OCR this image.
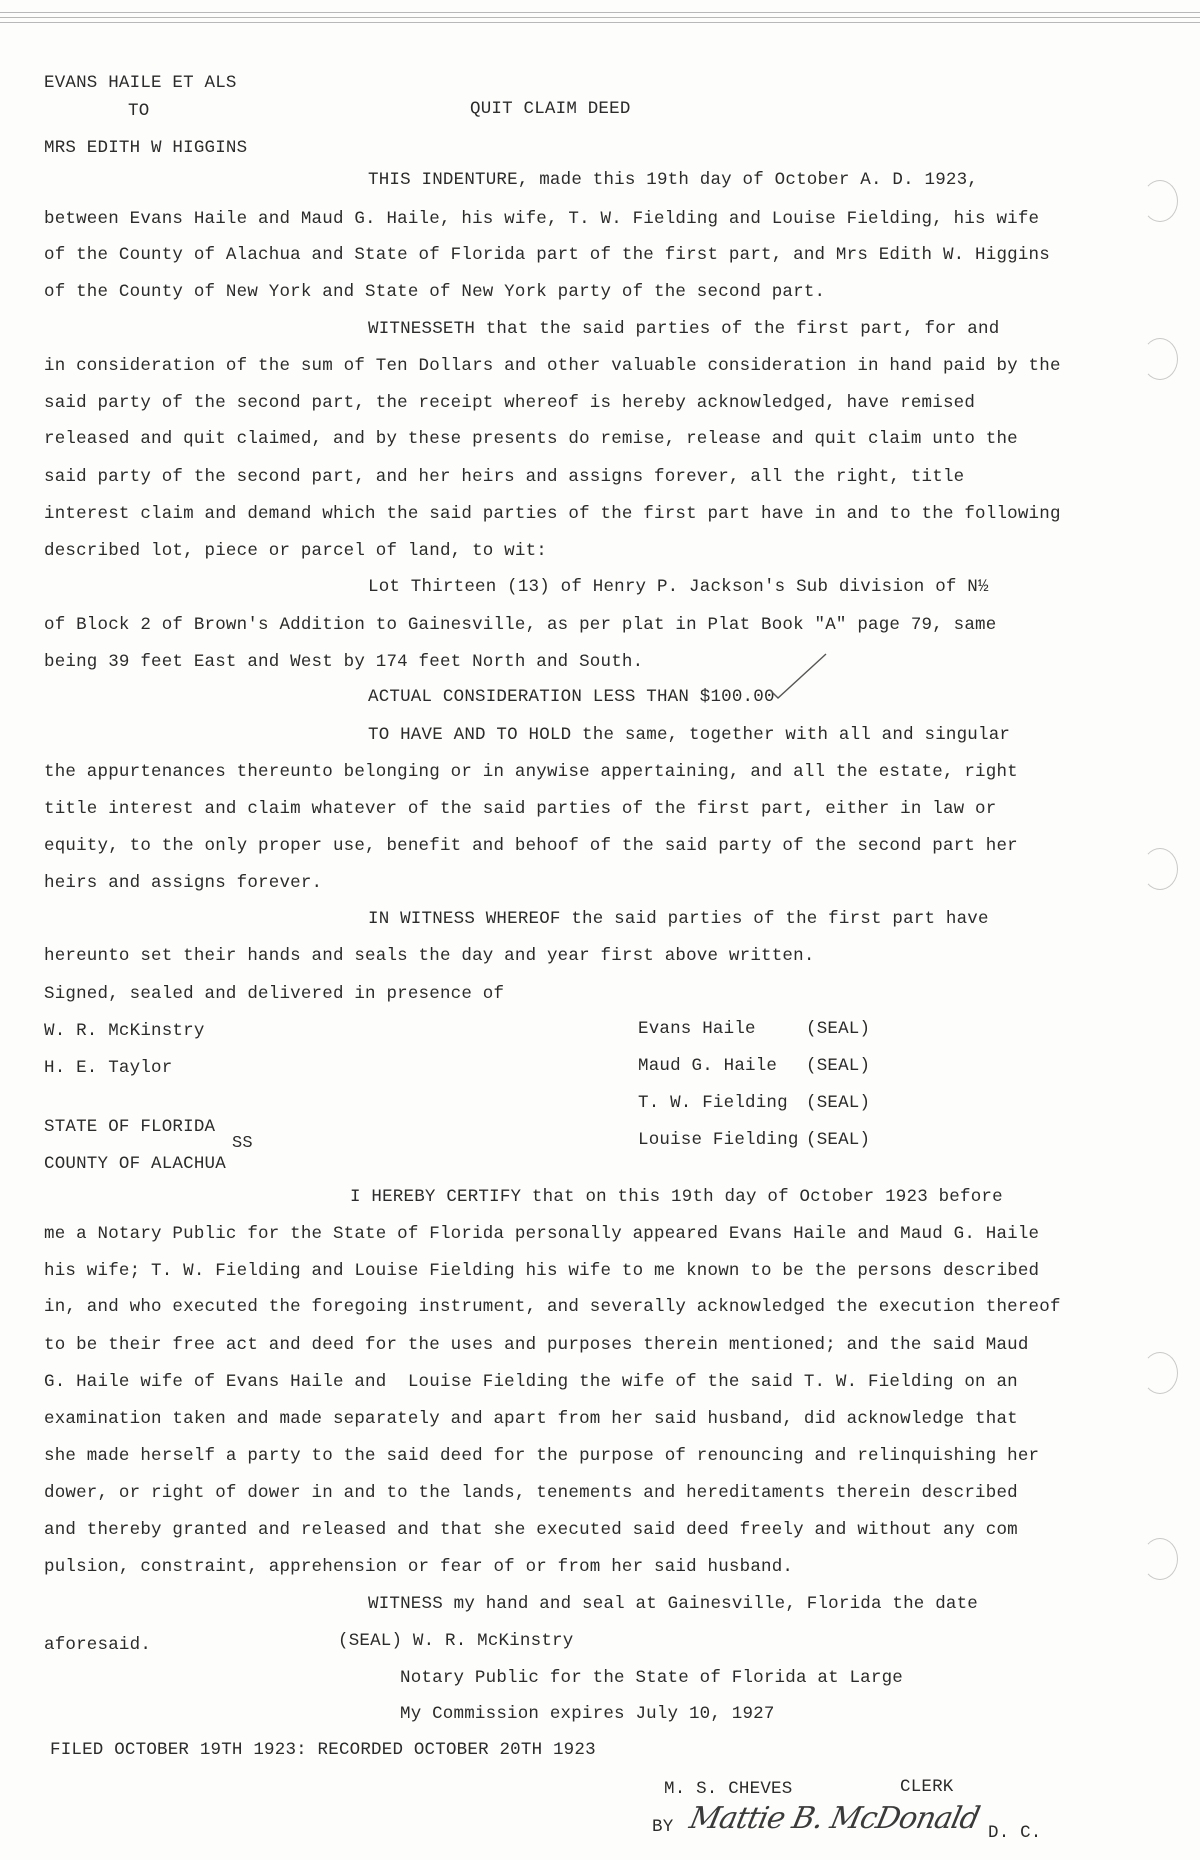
EVANS HAILE ET ALS
TO	QUIT CLAIM DEED
MRS EDITH W HIGGINS
THIS INDENTURE, made this 19th day of October A. D. 1923,
between Evans Haile and Maud G. Haile, his wife, T. W. Fielding and Louise Fielding, his wife
of the County of Alachua and State of Florida part of the first part, and Mrs Edith W. Higgins
of the County of New York and State of New York party of the second part.
WITNESSETH that the said parties of the first part, for and
in consideration of the sum of Ten Dollars and other valuable consideration in hand paid by the
said party of the second part, the receipt whereof is hereby acknowledged, have remised
released and quit claimed, and by these presents do remise, release and quit claim unto the
said party of the second part, and her heirs and assigns forever, all the right, title
interest claim and demand which the said parties of the first part have in and to the following
described lot, piece or parcel of land, to wit:
Lot Thirteen (13) of Henry P. Jackson's Sub division of N½
of Block 2 of Brown's Addition to Gainesville, as per plat in Plat Book "A" page 79, same
being 39 feet East and West by 174 feet North and South.
ACTUAL CONSIDERATION LESS THAN $100.00
TO HAVE AND TO HOLD the same, together with all and singular
the appurtenances thereunto belonging or in anywise appertaining, and all the estate, right
title interest and claim whatever of the said parties of the first part, either in law or
equity, to the only proper use, benefit and behoof of the said party of the second part her
heirs and assigns forever.
IN WITNESS WHEREOF the said parties of the first part have
hereunto set their hands and seals the day and year first above written.
Signed, sealed and delivered in presence of
W. R. McKinstry
H. E. Taylor
Evans Haile	(SEAL)
Maud G. Haile (SEAL)
T. W. Fielding (SEAL)
Louise Fielding (SEAL)
STATE OF FLORIDA
SS
COUNTY OF ALACHUA
I HEREBY CERTIFY that on this 19th day of October 1923 before
me a Notary Public for the State of Florida personally appeared Evans Haile and Maud G. Haile
his wife; T. W. Fielding and Louise Fielding his wife to me known to be the persons described
in, and who executed the foregoing instrument, and severally acknowledged the execution thereof
to be their free act and deed for the uses and purposes therein mentioned; and the said Maud
G. Haile wife of Evans Haile and  Louise Fielding the wife of the said T. W. Fielding on an
examination taken and made separately and apart from her said husband, did acknowledge that
she made herself a party to the said deed for the purpose of renouncing and relinquishing her
dower, or right of dower in and to the lands, tenements and hereditaments therein described
and thereby granted and released and that she executed said deed freely and without any com
pulsion, constraint, apprehension or fear of or from her said husband.
WITNESS my hand and seal at Gainesville, Florida the date
aforesaid.	(SEAL) W. R. McKinstry
Notary Public for the State of Florida at Large
My Commission expires July 10, 1927
FILED OCTOBER 19TH 1923: RECORDED OCTOBER 20TH 1923
M. S. CHEVES	CLERK
BY Mattie B. McDonald D. C.
